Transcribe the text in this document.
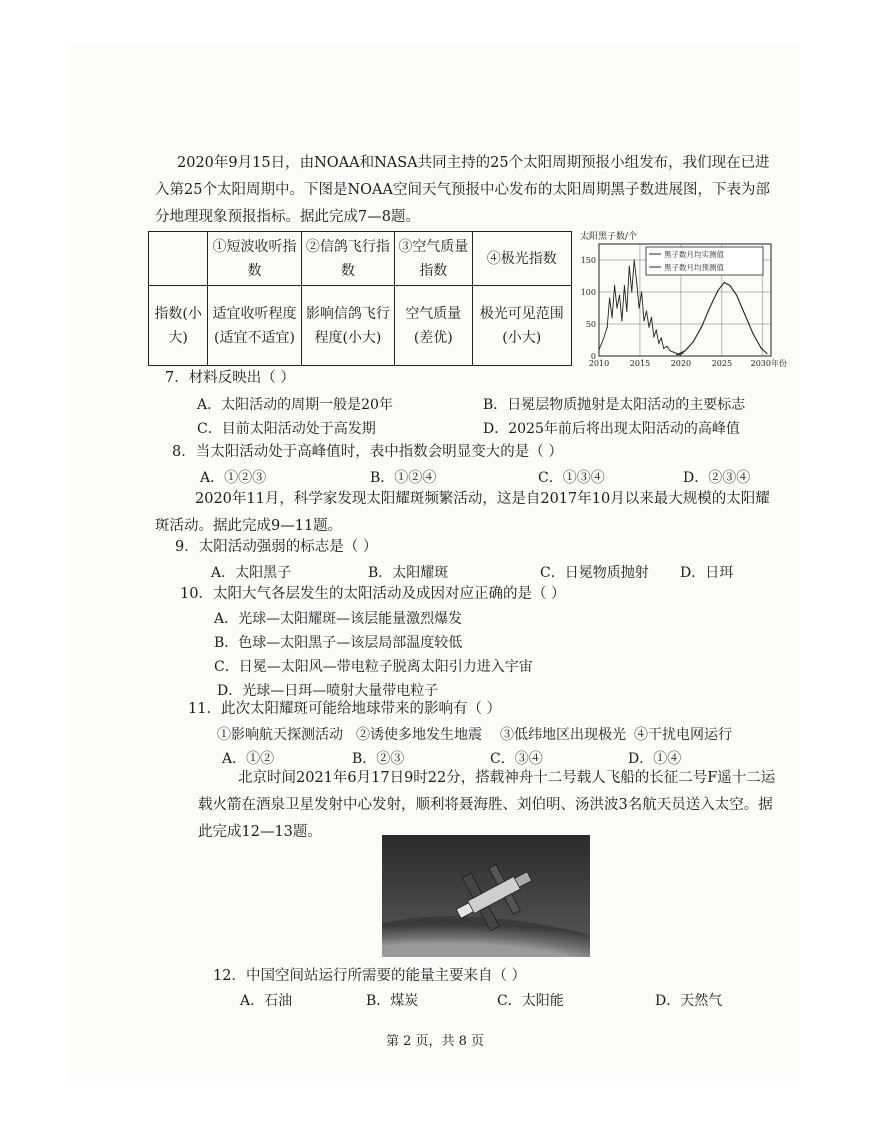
2020年9月15日，由NOAA和NASA共同主持的25个太阳周期预报小组发布，我们现在已进入第25个太阳周期中。下图是NOAA空间天气预报中心发布的太阳周期黑子数进展图，下表为部分地理现象预报指标。据此完成7—8题。
	①短波收听指数	②信鸽飞行指数	③空气质量指数	④极光指数
指数(小大)	适宜收听程度(适宜不适宜)	影响信鸽飞行程度(小大)	空气质量(差优)	极光可见范围(小大)
太阳黑子数/个
0
50
100
150
2010	2015	2020	2025 2030年份
黑子数月均实测值
黑子数月均预测值
7．材料反映出（ ）
A．太阳活动的周期一般是20年	B．日冕层物质抛射是太阳活动的主要标志
C．目前太阳活动处于高发期	D．2025年前后将出现太阳活动的高峰值
8．当太阳活动处于高峰值时，表中指数会明显变大的是（ ）
A．①②③	B．①②④	C．①③④	D．②③④
2020年11月，科学家发现太阳耀斑频繁活动，这是自2017年10月以来最大规模的太阳耀斑活动。据此完成9—11题。
9．太阳活动强弱的标志是（ ）
A．太阳黑子	B．太阳耀斑	C．日冕物质抛射 D．日珥
10．太阳大气各层发生的太阳活动及成因对应正确的是（ ）
A．光球—太阳耀斑—该层能量激烈爆发
B．色球—太阳黑子—该层局部温度较低
C．日冕—太阳风—带电粒子脱离太阳引力进入宇宙
D．光球—日珥—喷射大量带电粒子
11．此次太阳耀斑可能给地球带来的影响有（ ）
①影响航天探测活动 ②诱使多地发生地震 ③低纬地区出现极光 ④干扰电网运行
A．①②	B．②③	C．③④	D．①④
北京时间2021年6月17日9时22分，搭载神舟十二号载人飞船的长征二号F遥十二运载火箭在酒泉卫星发射中心发射，顺利将聂海胜、刘伯明、汤洪波3名航天员送入太空。据此完成12—13题。
12．中国空间站运行所需要的能量主要来自（ ）
A．石油	B．煤炭	C．太阳能	D．天然气
第 2 页，共 8 页
